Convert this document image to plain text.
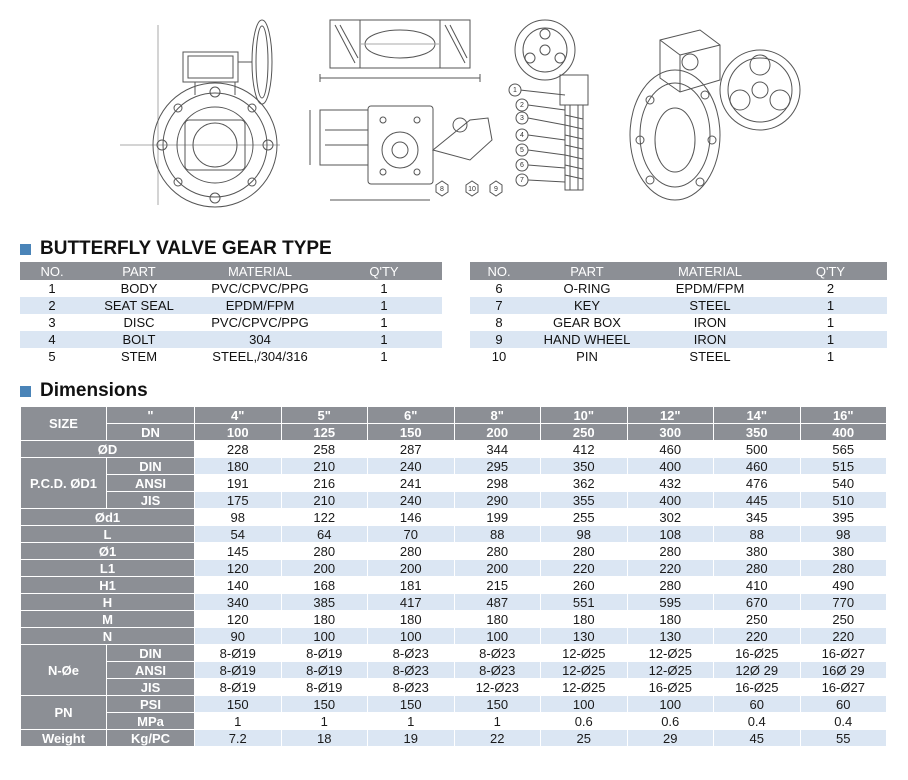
1
2
3
4
5
6
7
8	10	9
BUTTERFLY VALVE GEAR TYPE
NO.	PART	MATERIAL	Q'TY
1	BODY	PVC/CPVC/PPG	1
2	SEAT SEAL	EPDM/FPM	1
3	DISC	PVC/CPVC/PPG	1
4	BOLT	304	1
5	STEM	STEEL,/304/316	1
NO.	PART	MATERIAL	Q'TY
6	O-RING	EPDM/FPM	2
7	KEY	STEEL	1
8	GEAR BOX	IRON	1
9	HAND WHEEL	IRON	1
10	PIN	STEEL	1
Dimensions
SIZE	"	4"	5"	6"	8"	10"	12"	14"	16"
	DN	100	125	150	200	250	300	350	400
ØD		228	258	287	344	412	460	500	565
P.C.D. ØD1	DIN	180	210	240	295	350	400	460	515
	ANSI	191	216	241	298	362	432	476	540
	JIS	175	210	240	290	355	400	445	510
Ød1		98	122	146	199	255	302	345	395
L		54	64	70	88	98	108	88	98
Ø1		145	280	280	280	280	280	380	380
L1		120	200	200	200	220	220	280	280
H1		140	168	181	215	260	280	410	490
H		340	385	417	487	551	595	670	770
M		120	180	180	180	180	180	250	250
N		90	100	100	100	130	130	220	220
N-Øe	DIN	8-Ø19	8-Ø19	8-Ø23	8-Ø23	12-Ø25	12-Ø25	16-Ø25	16-Ø27
	ANSI	8-Ø19	8-Ø19	8-Ø23	8-Ø23	12-Ø25	12-Ø25	12Ø 29	16Ø 29
	JIS	8-Ø19	8-Ø19	8-Ø23	12-Ø23	12-Ø25	16-Ø25	16-Ø25	16-Ø27
PN	PSI	150	150	150	150	100	100	60	60
	MPa	1	1	1	1	0.6	0.6	0.4	0.4
Weight	Kg/PC	7.2	18	19	22	25	29	45	55
